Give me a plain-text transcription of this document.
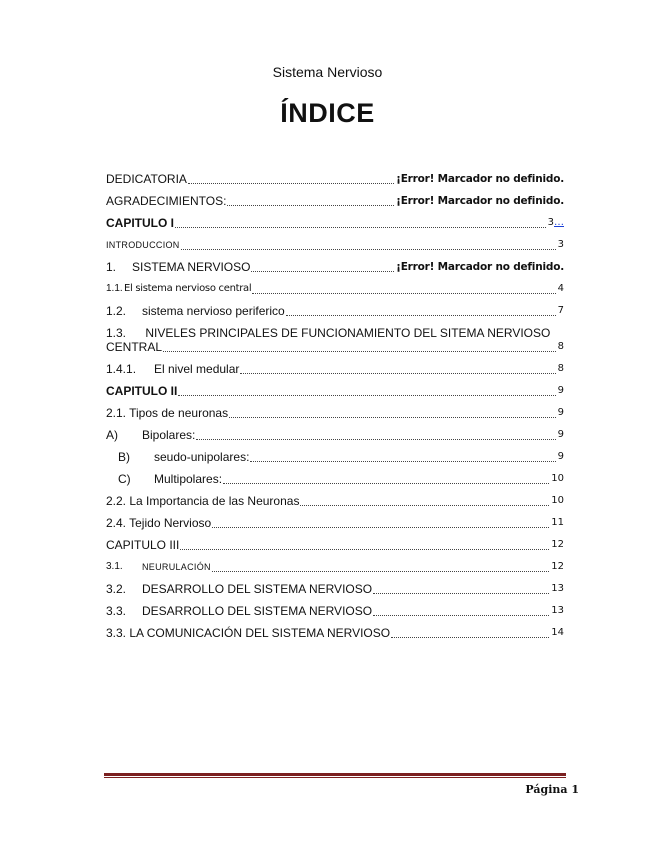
Sistema Nervioso
ÍNDICE
DEDICATORIA	¡Error! Marcador no definido.
AGRADECIMIENTOS:	¡Error! Marcador no definido.
CAPITULO I	3 …
INTRODUCCION	3
1.	SISTEMA NERVIOSO	¡Error! Marcador no definido.
1.1. El sistema nervioso central	4
1.2.	sistema nervioso periferico	7
1.3. NIVELES PRINCIPALES DE FUNCIONAMIENTO DEL SITEMA NERVIOSO
CENTRAL	8
1.4.1.	El nivel medular	8
CAPITULO II	9
2.1. Tipos de neuronas	9
A)	Bipolares:	9
B)	seudo-unipolares:	9
C)	Multipolares:	10
2.2. La Importancia de las Neuronas	10
2.4. Tejido Nervioso	11
CAPITULO III	12
3.1.	NEURULACIÓN	12
3.2.	DESARROLLO DEL SISTEMA NERVIOSO	13
3.3.	DESARROLLO DEL SISTEMA NERVIOSO	13
3.3. LA COMUNICACIÓN DEL SISTEMA NERVIOSO	14
Página 1
